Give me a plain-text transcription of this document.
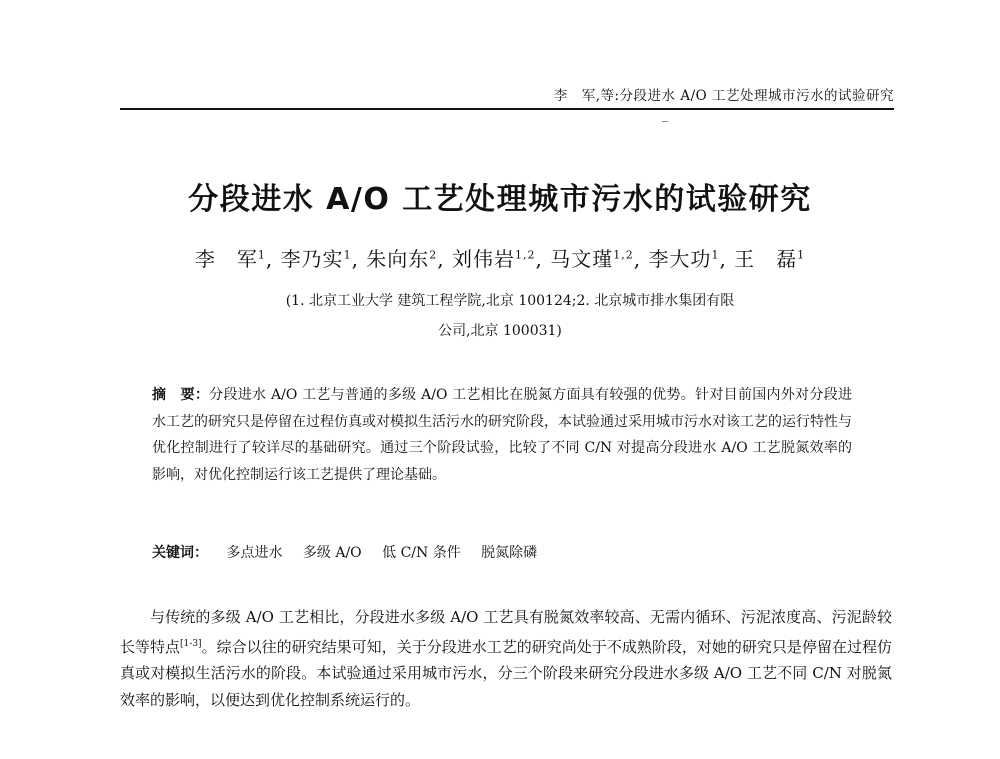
李　军,等:分段进水 A/O 工艺处理城市污水的试验研究
分段进水 A/O 工艺处理城市污水的试验研究
李　军$^1$, 李乃实$^1$, 朱向东$^2$, 刘伟岩$^{1,2}$, 马文瑾$^{1,2}$, 李大功$^1$, 王　磊$^1$
(1. 北京工业大学 建筑工程学院,北京 100124;2. 北京城市排水集团有限
公司,北京 100031)

摘　要：分段进水 A/O 工艺与普通的多级 A/O 工艺相比在脱氮方面具有较强的优势。针对目前国内外对分段进水工艺的研究只是停留在过程仿真或对模拟生活污水的研究阶段，本试验通过采用城市污水对该工艺的运行特性与优化控制进行了较详尽的基础研究。通过三个阶段试验，比较了不同 C/N 对提高分段进水 A/O 工艺脱氮效率的影响，对优化控制运行该工艺提供了理论基础。

关键词： 多点进水 多级 A/O 低 C/N 条件 脱氮除磷

与传统的多级 A/O 工艺相比，分段进水多级 A/O 工艺具有脱氮效率较高、无需内循环、污泥浓度高、污泥龄较长等特点[1-3]。综合以往的研究结果可知，关于分段进水工艺的研究尚处于不成熟阶段，对她的研究只是停留在过程仿真或对模拟生活污水的阶段。本试验通过采用城市污水，分三个阶段来研究分段进水多级 A/O 工艺不同 C/N 对脱氮效率的影响，以便达到优化控制系统运行的。
